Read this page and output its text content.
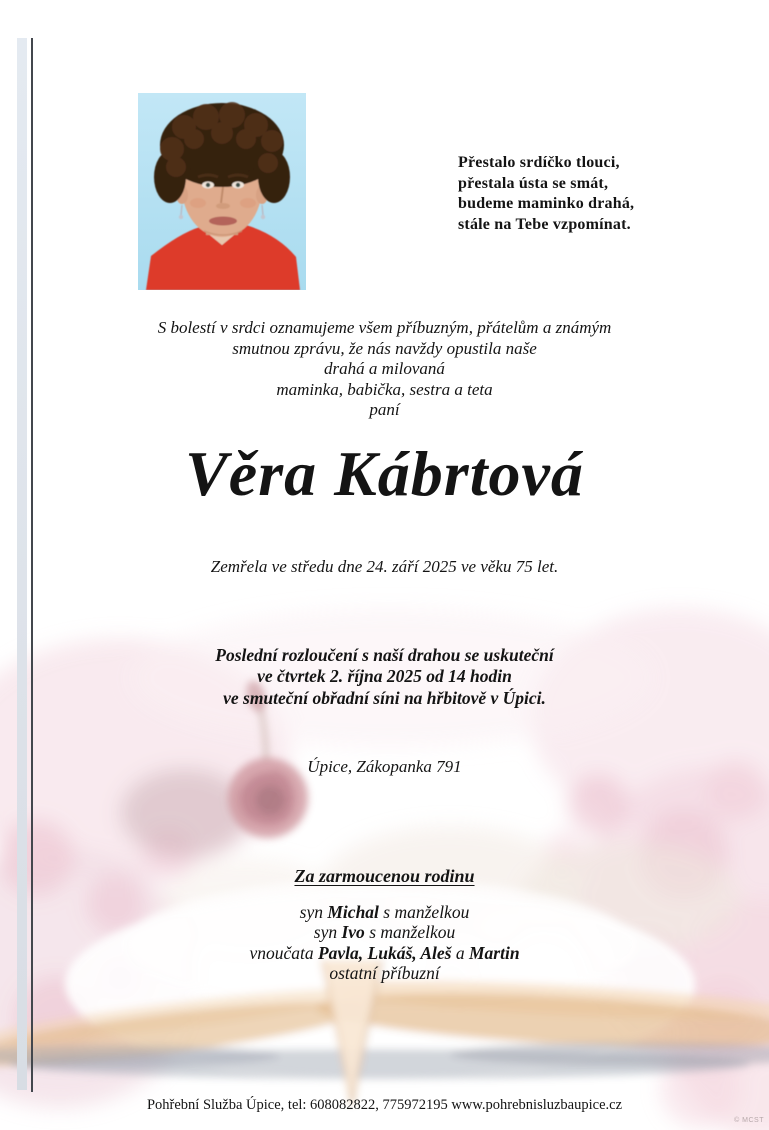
Přestalo srdíčko tlouci,
přestala ústa se smát,
budeme maminko drahá,
stále na Tebe vzpomínat.
S bolestí v srdci oznamujeme všem příbuzným, přátelům a známým
smutnou zprávu, že nás navždy opustila naše
drahá a milovaná
maminka, babička, sestra a teta
paní
Věra Kábrtová
Zemřela ve středu dne 24. září 2025 ve věku 75 let.
Poslední rozloučení s naší drahou se uskuteční
ve čtvrtek 2. října 2025 od 14 hodin
ve smuteční obřadní síni na hřbitově v Úpici.
Úpice, Zákopanka 791
Za zarmoucenou rodinu
syn Michal s manželkou
syn Ivo s manželkou
vnoučata Pavla, Lukáš, Aleš a Martin
ostatní příbuzní
Pohřební Služba Úpice, tel: 608082822, 775972195 www.pohrebnisluzbaupice.cz
© MCST
